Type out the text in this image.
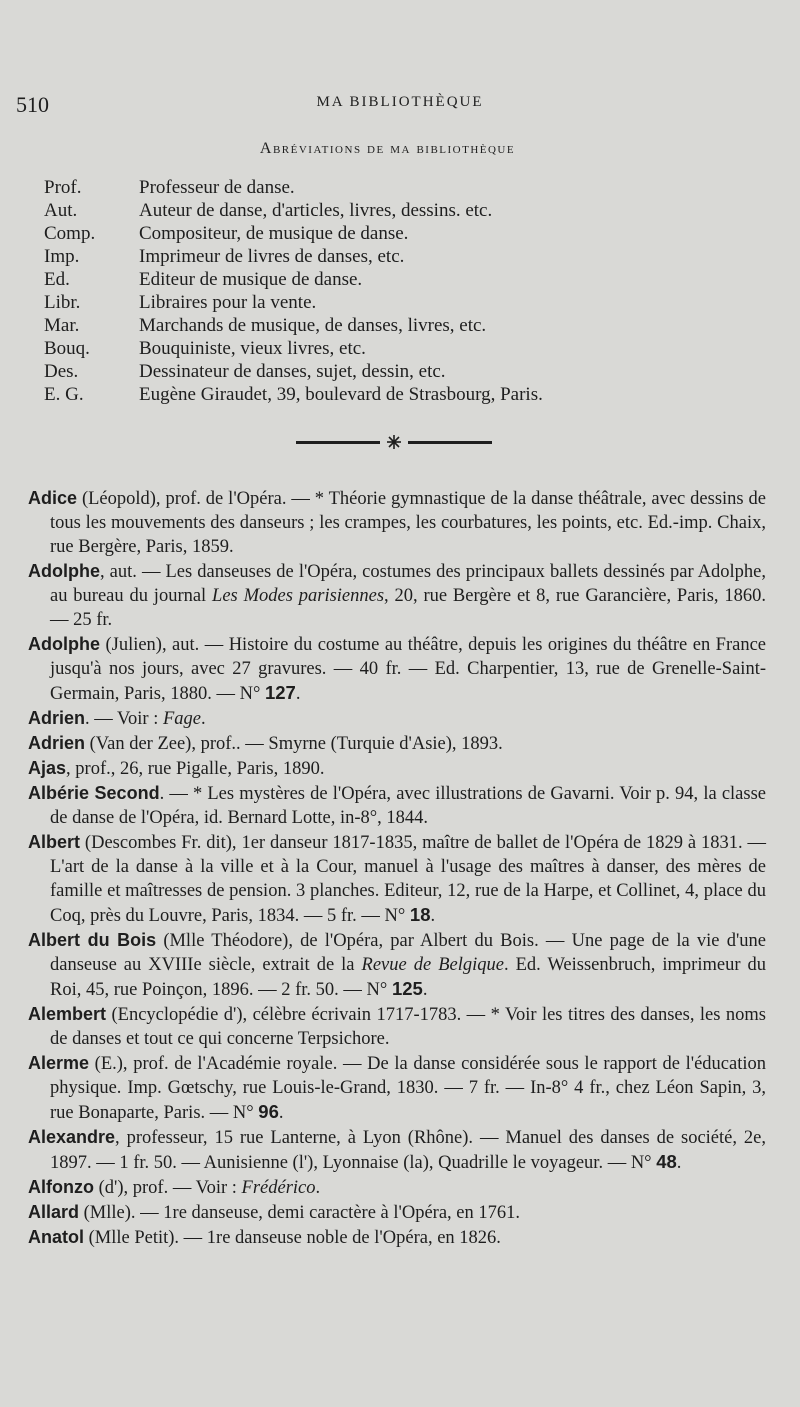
510	MA BIBLIOTHÈQUE
Abréviations de ma bibliothèque
Prof.	Professeur de danse.
Aut.	Auteur de danse, d'articles, livres, dessins. etc.
Comp.	Compositeur, de musique de danse.
Imp.	Imprimeur de livres de danses, etc.
Ed.	Editeur de musique de danse.
Libr.	Libraires pour la vente.
Mar.	Marchands de musique, de danses, livres, etc.
Bouq.	Bouquiniste, vieux livres, etc.
Des.	Dessinateur de danses, sujet, dessin, etc.
E. G.	Eugène Giraudet, 39, boulevard de Strasbourg, Paris.

Adice (Léopold), prof. de l'Opéra. — * Théorie gymnastique de la danse théâtrale, avec dessins de tous les mouvements des danseurs ; les crampes, les courbatures, les points, etc. Ed.-imp. Chaix, rue Bergère, Paris, 1859.

Adolphe, aut. — Les danseuses de l'Opéra, costumes des principaux ballets dessinés par Adolphe, au bureau du journal Les Modes parisiennes, 20, rue Bergère et 8, rue Garancière, Paris, 1860. — 25 fr.

Adolphe (Julien), aut. — Histoire du costume au théâtre, depuis les origines du théâtre en France jusqu'à nos jours, avec 27 gravures. — 40 fr. — Ed. Charpentier, 13, rue de Grenelle-Saint-Germain, Paris, 1880. — N° 127.

Adrien. — Voir : Fage.

Adrien (Van der Zee), prof.. — Smyrne (Turquie d'Asie), 1893.

Ajas, prof., 26, rue Pigalle, Paris, 1890.

Albérie Second. — * Les mystères de l'Opéra, avec illustrations de Gavarni. Voir p. 94, la classe de danse de l'Opéra, id. Bernard Lotte, in-8°, 1844.

Albert (Descombes Fr. dit), 1er danseur 1817-1835, maître de ballet de l'Opéra de 1829 à 1831. — L'art de la danse à la ville et à la Cour, manuel à l'usage des maîtres à danser, des mères de famille et maîtresses de pension. 3 planches. Editeur, 12, rue de la Harpe, et Collinet, 4, place du Coq, près du Louvre, Paris, 1834. — 5 fr. — N° 18.

Albert du Bois (Mlle Théodore), de l'Opéra, par Albert du Bois. — Une page de la vie d'une danseuse au XVIIIe siècle, extrait de la Revue de Belgique. Ed. Weissenbruch, imprimeur du Roi, 45, rue Poinçon, 1896. — 2 fr. 50. — N° 125.

Alembert (Encyclopédie d'), célèbre écrivain 1717-1783. — * Voir les titres des danses, les noms de danses et tout ce qui concerne Terpsichore.

Alerme (E.), prof. de l'Académie royale. — De la danse considérée sous le rapport de l'éducation physique. Imp. Gœtschy, rue Louis-le-Grand, 1830. — 7 fr. — In-8° 4 fr., chez Léon Sapin, 3, rue Bonaparte, Paris. — N° 96.

Alexandre, professeur, 15 rue Lanterne, à Lyon (Rhône). — Manuel des danses de société, 2e, 1897. — 1 fr. 50. — Aunisienne (l'), Lyonnaise (la), Quadrille le voyageur. — N° 48.

Alfonzo (d'), prof. — Voir : Frédérico.

Allard (Mlle). — 1re danseuse, demi caractère à l'Opéra, en 1761.

Anatol (Mlle Petit). — 1re danseuse noble de l'Opéra, en 1826.
